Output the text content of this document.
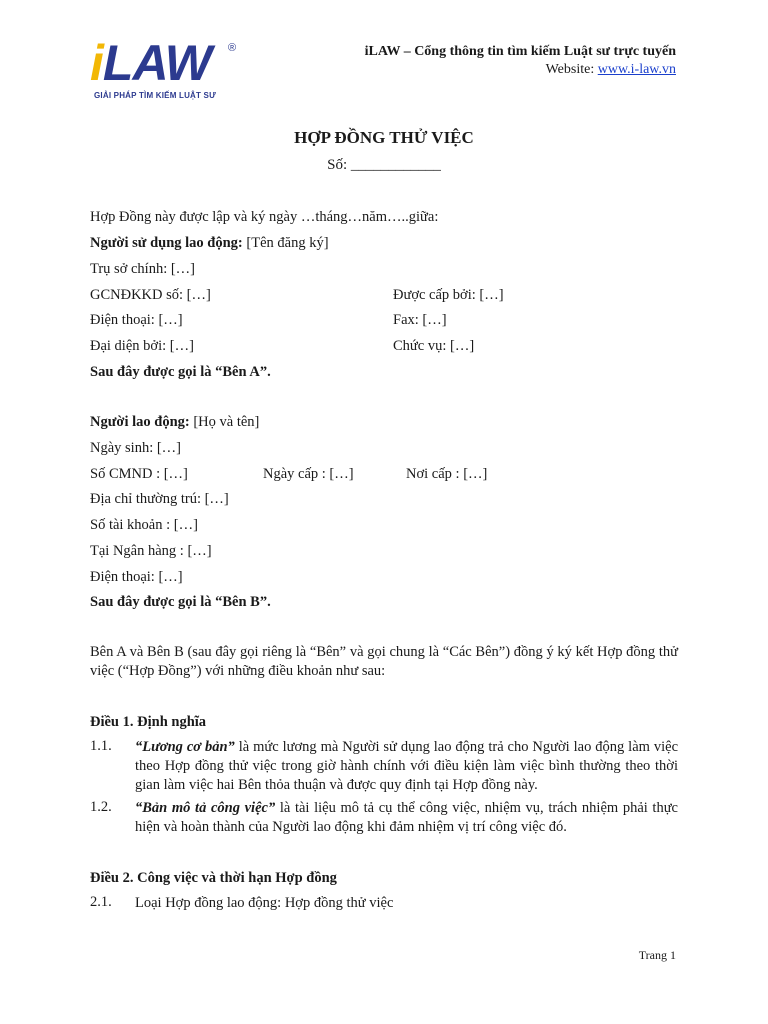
iLAW ®
GIẢI PHÁP TÌM KIẾM LUẬT SƯ
iLAW – Cổng thông tin tìm kiếm Luật sư trực tuyến
Website: www.i-law.vn
HỢP ĐỒNG THỬ VIỆC
Số: ____________
Hợp Đồng này được lập và ký ngày …tháng…năm…..giữa:
Người sử dụng lao động: [Tên đăng ký]
Trụ sở chính: […]
GCNĐKKD số: […]	Được cấp bởi: […]
Điện thoại: […]	Fax: […]
Đại diện bởi: […]	Chức vụ: […]
Sau đây được gọi là “Bên A”.
Người lao động: [Họ và tên]
Ngày sinh: […]
Số CMND : […]	Ngày cấp : […]	Nơi cấp : […]
Địa chỉ thường trú: […]
Số tài khoản : […]
Tại Ngân hàng : […]
Điện thoại: […]
Sau đây được gọi là “Bên B”.
Bên A và Bên B (sau đây gọi riêng là “Bên” và gọi chung là “Các Bên”) đồng ý ký kết Hợp đồng thử việc (“Hợp Đồng”) với những điều khoản như sau:
Điều 1. Định nghĩa
1.1. “Lương cơ bản” là mức lương mà Người sử dụng lao động trả cho Người lao động làm việc theo Hợp đồng thử việc trong giờ hành chính với điều kiện làm việc bình thường theo thời gian làm việc hai Bên thỏa thuận và được quy định tại Hợp đồng này.
1.2. “Bản mô tả công việc” là tài liệu mô tả cụ thể công việc, nhiệm vụ, trách nhiệm phải thực hiện và hoàn thành của Người lao động khi đảm nhiệm vị trí công việc đó.
Điều 2. Công việc và thời hạn Hợp đồng
2.1. Loại Hợp đồng lao động: Hợp đồng thử việc
Trang 1
